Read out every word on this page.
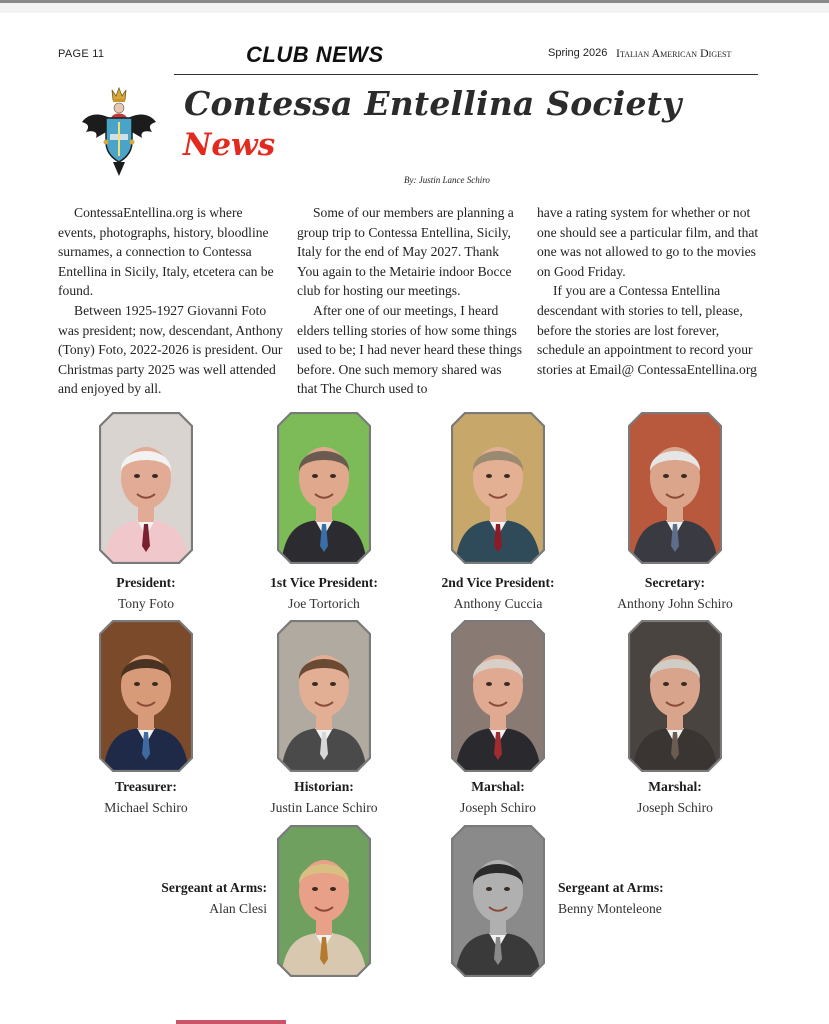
PAGE 11	CLUB NEWS	Spring 2026 Italian American Digest
Contessa Entellina Society
News
By: Justin Lance Schiro

ContessaEntellina.org is where events, photographs, history, bloodline surnames, a connection to Contessa Entellina in Sicily, Italy, etcetera can be found.

Between 1925-1927 Giovanni Foto was president; now, descendant, Anthony (Tony) Foto, 2022-2026 is president. Our Christmas party 2025 was well attended and enjoyed by all.

Some of our members are planning a group trip to Contessa Entellina, Sicily, Italy for the end of May 2027. Thank You again to the Metairie indoor Bocce club for hosting our meetings.

After one of our meetings, I heard elders telling stories of how some things used to be; I had never heard these things before. One such memory shared was that The Church used to

have a rating system for whether or not one should see a particular film, and that one was not allowed to go to the movies on Good Friday.

If you are a Contessa Entellina descendant with stories to tell, please, before the stories are lost forever, schedule an appointment to record your stories at Email@ ContessaEntellina.org

President:
Tony Foto
1st Vice President:
Joe Tortorich
2nd Vice President:
Anthony Cuccia
Secretary:
Anthony John Schiro
Treasurer:
Michael Schiro
Historian:
Justin Lance Schiro
Marshal:
Joseph Schiro
Marshal:
Joseph Schiro
Sergeant at Arms:
Alan Clesi
Sergeant at Arms:
Benny Monteleone
